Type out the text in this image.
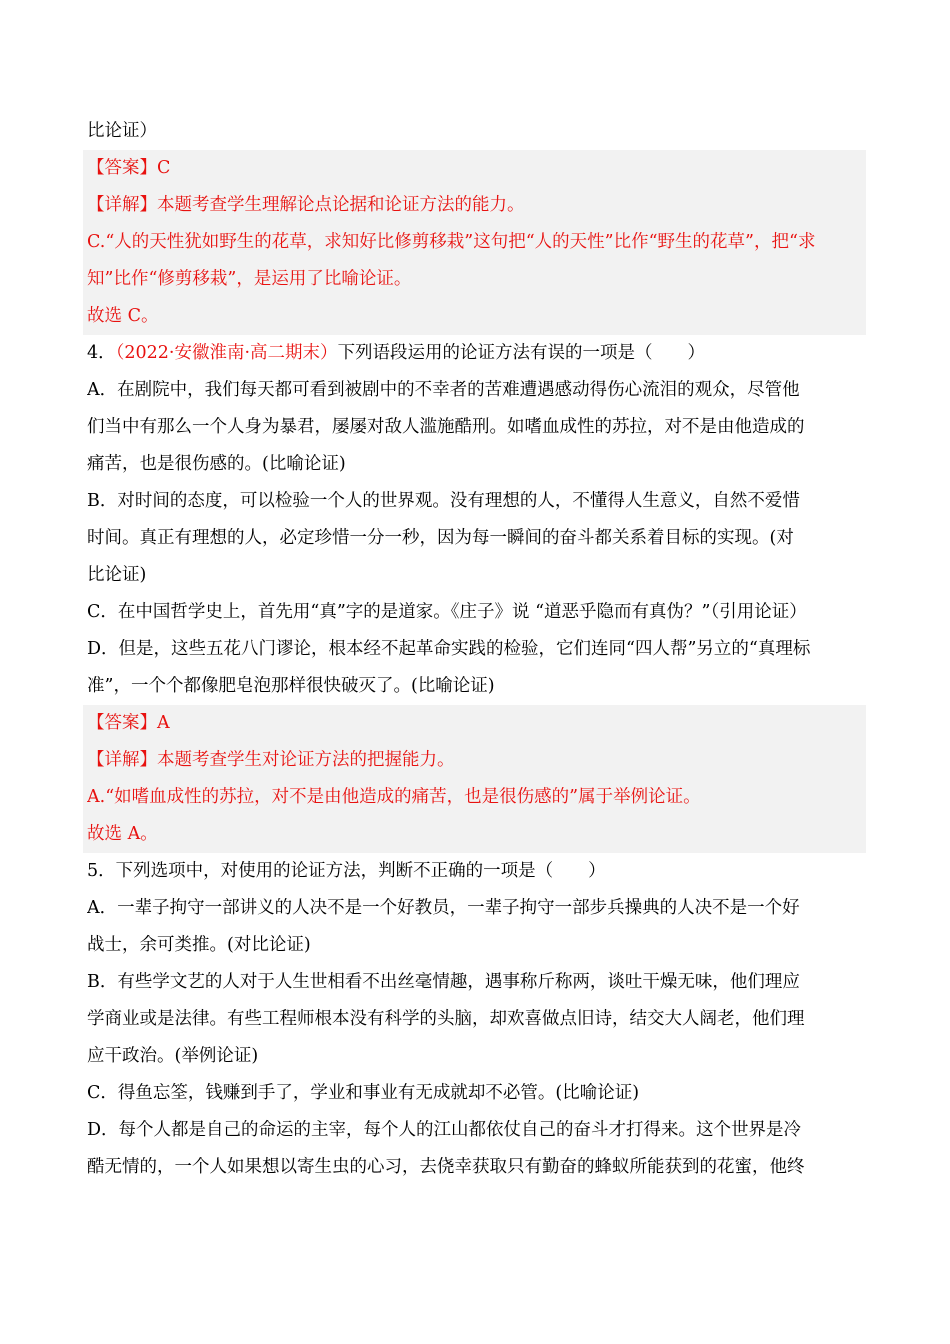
比论证）
【答案】C
【详解】本题考查学生理解论点论据和论证方法的能力。
C.“人的天性犹如野生的花草，求知好比修剪移栽”这句把“人的天性”比作“野生的花草”，把“求
知”比作“修剪移栽”，是运用了比喻论证。
故选 C。
4．（2022·安徽淮南·高二期末）下列语段运用的论证方法有误的一项是（　　）
A．在剧院中，我们每天都可看到被剧中的不幸者的苦难遭遇感动得伤心流泪的观众，尽管他
们当中有那么一个人身为暴君，屡屡对敌人滥施酷刑。如嗜血成性的苏拉，对不是由他造成的
痛苦，也是很伤感的。(比喻论证)
B．对时间的态度，可以检验一个人的世界观。没有理想的人，不懂得人生意义，自然不爱惜
时间。真正有理想的人，必定珍惜一分一秒，因为每一瞬间的奋斗都关系着目标的实现。(对
比论证)
C．在中国哲学史上，首先用“真”字的是道家。《庄子》说 “道恶乎隐而有真伪？”（引用论证）
D．但是，这些五花八门谬论，根本经不起革命实践的检验，它们连同“四人帮”另立的“真理标
准”，一个个都像肥皂泡那样很快破灭了。(比喻论证)
【答案】A
【详解】本题考查学生对论证方法的把握能力。
A.“如嗜血成性的苏拉，对不是由他造成的痛苦，也是很伤感的”属于举例论证。
故选 A。
5．下列选项中，对使用的论证方法，判断不正确的一项是（　　）
A．一辈子拘守一部讲义的人决不是一个好教员，一辈子拘守一部步兵操典的人决不是一个好
战士，余可类推。(对比论证)
B．有些学文艺的人对于人生世相看不出丝毫情趣，遇事称斤称两，谈吐干燥无味，他们理应
学商业或是法律。有些工程师根本没有科学的头脑，却欢喜做点旧诗，结交大人阔老，他们理
应干政治。(举例论证)
C．得鱼忘筌，钱赚到手了，学业和事业有无成就却不必管。(比喻论证)
D．每个人都是自己的命运的主宰，每个人的江山都依仗自己的奋斗才打得来。这个世界是冷
酷无情的，一个人如果想以寄生虫的心习，去侥幸获取只有勤奋的蜂蚁所能获到的花蜜，他终
